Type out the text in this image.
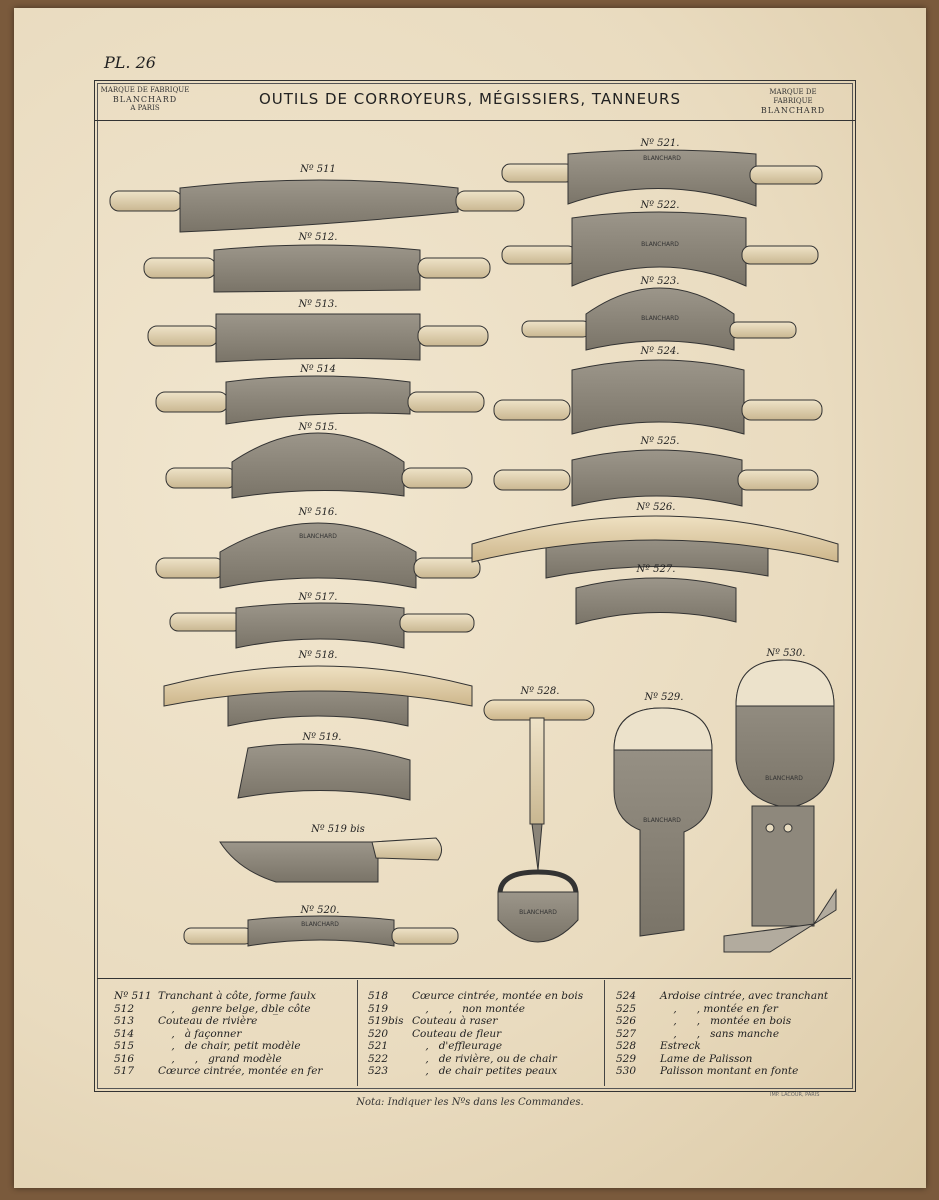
PL. 26
MARQUE DE FABRIQUE
BLANCHARD
A PARIS	OUTILS DE CORROYEURS, MÉGISSIERS, TANNEURS	MARQUE DE FABRIQUE
BLANCHARD
BLANCHARD
BLANCHARD
BLANCHARD
BLANCHARD
BLANCHARD
BLANCHARD
BLANCHARD
BLANCHARD
Nº 511
Nº 512.
Nº 513.
Nº 514
Nº 515.
Nº 516.
Nº 517.
Nº 518.
Nº 519.
Nº 519 bis
Nº 520.
Nº 521.
Nº 522.
Nº 523.
Nº 524.
Nº 525.
Nº 526.
Nº 527.
Nº 528.
Nº 529.
Nº 530.
Nº 511 Tranchant à côte, forme faulx
512    ,     genre belge, dbl̲e côte
513 Couteau de rivière
514    ,   à façonner
515    ,   de chair, petit modèle
516    ,      ,   grand modèle
517 Cœurce cintrée, montée en fer
518 Cœurce cintrée, montée en bois
519    ,      ,   non montée
519bis Couteau à raser
520 Couteau de fleur
521    ,   d'effleurage
522    ,   de rivière, ou de chair
523    ,   de chair petites peaux
524 Ardoise cintrée, avec tranchant
525    ,      , montée en fer
526    ,      ,   montée en bois
527    ,      ,   sans manche
528 Estreck
529 Lame de Palisson
530 Palisson montant en fonte
Nota: Indiquer les Nºs dans les Commandes.
IMP. LACOUR, PARIS
